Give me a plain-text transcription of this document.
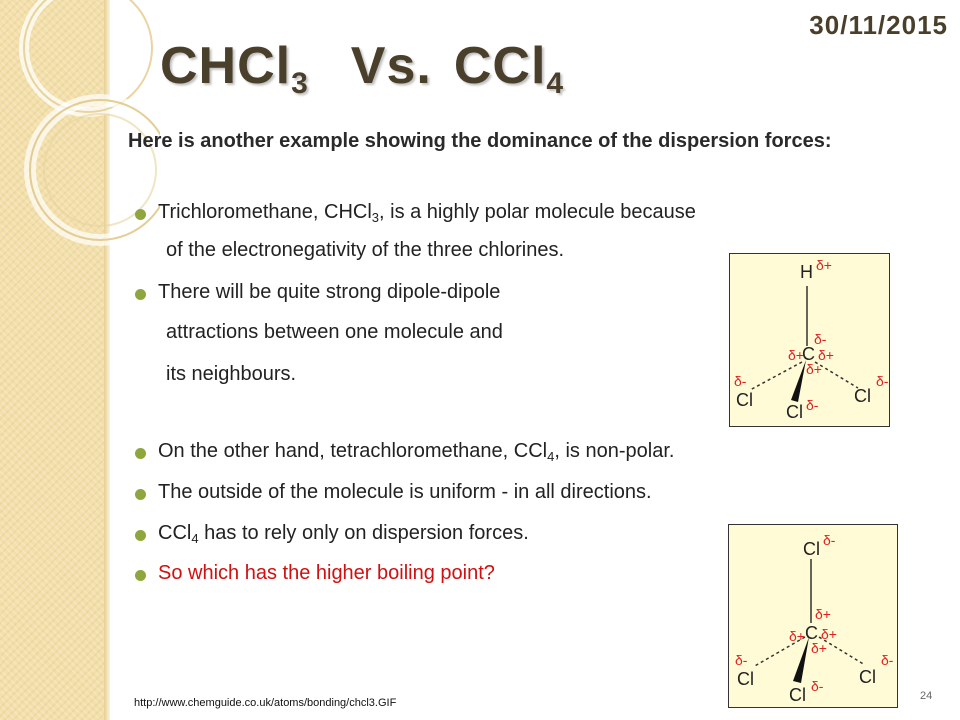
30/11/2015
CHCl$_3$ Vs. CCl$_4$

Here is another example showing the dominance of the dispersion forces:

Trichloromethane, CHCl$_3$, is a highly polar molecule because
of the electronegativity of the three chlorines.
There will be quite strong dipole-dipole
attractions between one molecule and
its neighbours.
On the other hand, tetrachloromethane, CCl$_4$, is non-polar.
The outside of the molecule is uniform - in all directions.
CCl$_4$ has to rely only on dispersion forces.
So which has the higher boiling point?
H δ+
C
δ-
δ+
δ+
δ+
δ-
Cl
δ-
Cl
Cl δ-
Cl δ-
δ+
C
δ+ δ+
δ+
δ-
Cl
δ-
Cl
Cl δ-
http://www.chemguide.co.uk/atoms/bonding/chcl3.GIF
24
